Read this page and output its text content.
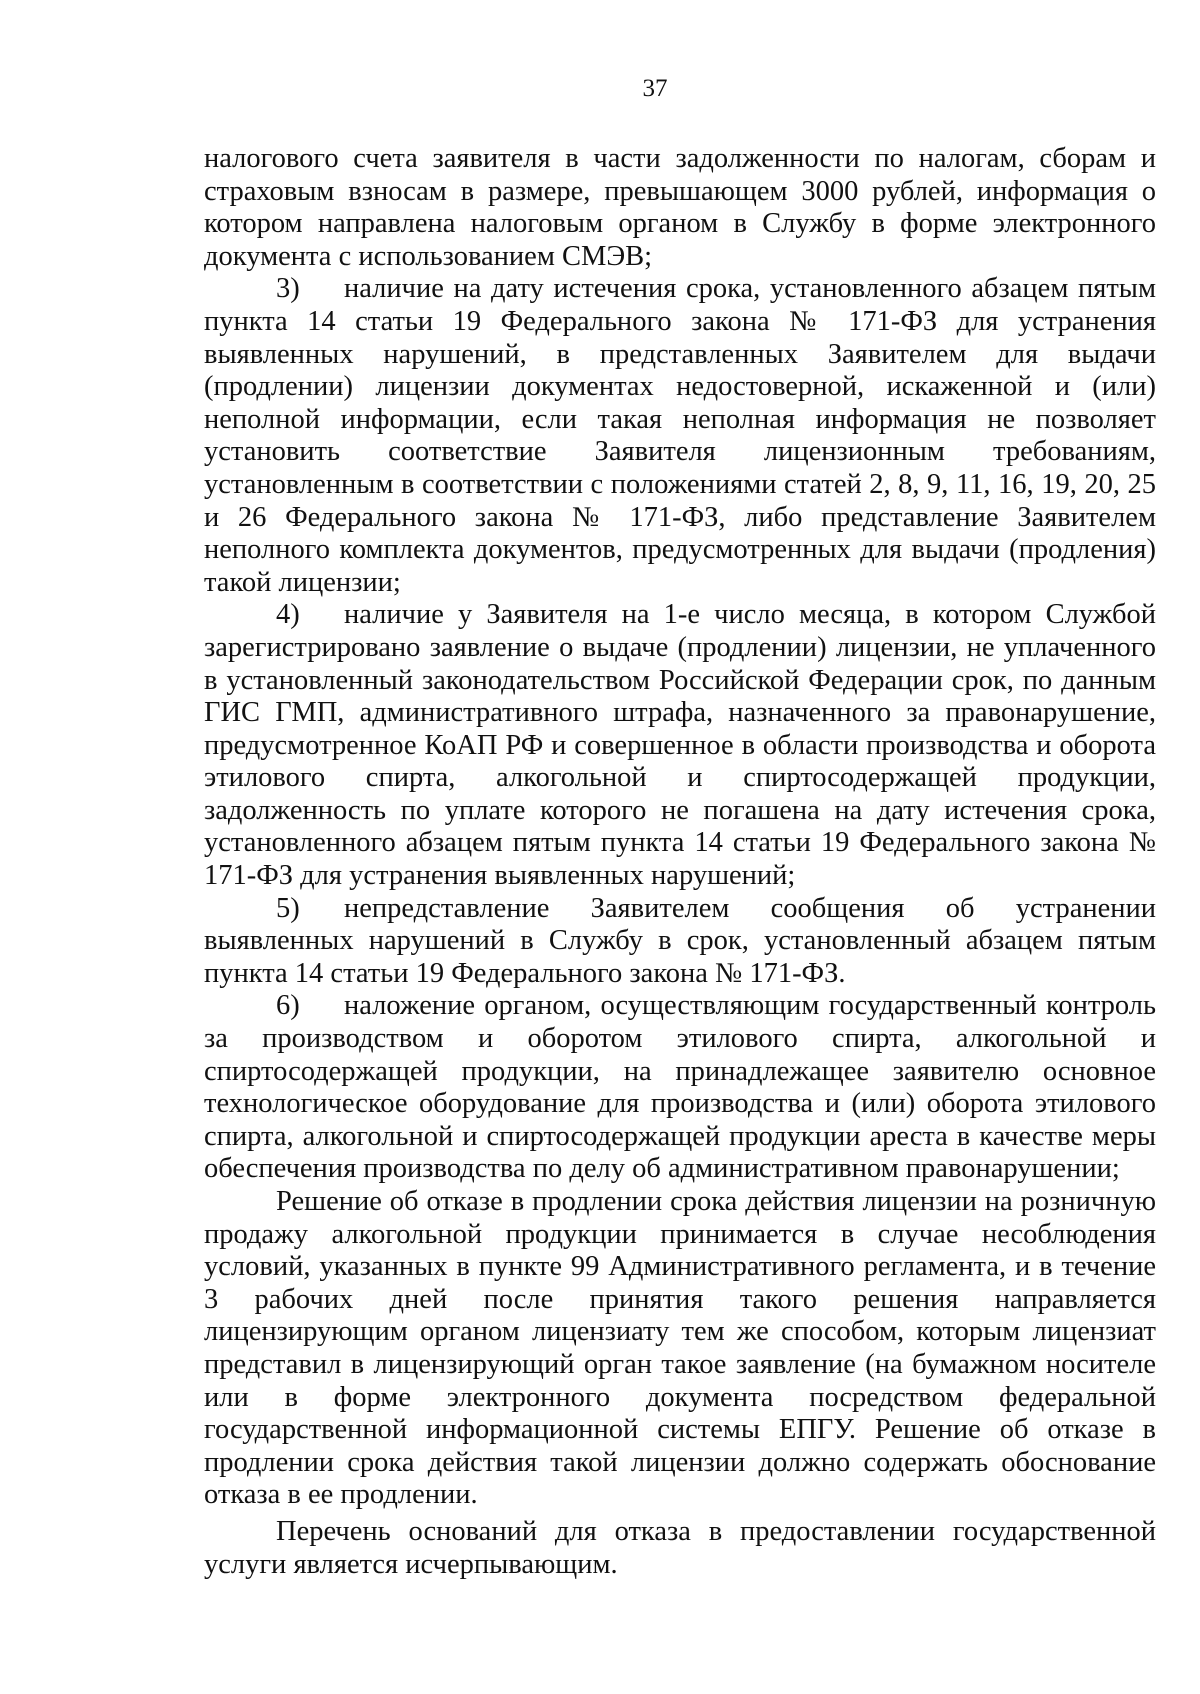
37

налогового счета заявителя в части задолженности по налогам, сборам и страховым взносам в размере, превышающем 3000 рублей, информация о котором направлена налоговым органом в Службу в форме электронного документа с использованием СМЭВ;

3) наличие на дату истечения срока, установленного абзацем пятым пункта 14 статьи 19 Федерального закона № 171-ФЗ для устранения выявленных нарушений, в представленных Заявителем для выдачи (продлении) лицензии документах недостоверной, искаженной и (или) неполной информации, если такая неполная информация не позволяет установить соответствие Заявителя лицензионным требованиям, установленным в соответствии с положениями статей 2, 8, 9, 11, 16, 19, 20, 25 и 26 Федерального закона № 171-ФЗ, либо представление Заявителем неполного комплекта документов, предусмотренных для выдачи (продления) такой лицензии;

4) наличие у Заявителя на 1-е число месяца, в котором Службой зарегистрировано заявление о выдаче (продлении) лицензии, не уплаченного в установленный законодательством Российской Федерации срок, по данным ГИС ГМП, административного штрафа, назначенного за правонарушение, предусмотренное КоАП РФ и совершенное в области производства и оборота этилового спирта, алкогольной и спиртосодержащей продукции, задолженность по уплате которого не погашена на дату истечения срока, установленного абзацем пятым пункта 14 статьи 19 Федерального закона № 171-ФЗ для устранения выявленных нарушений;

5) непредставление Заявителем сообщения об устранении выявленных нарушений в Службу в срок, установленный абзацем пятым пункта 14 статьи 19 Федерального закона № 171-ФЗ.

6) наложение органом, осуществляющим государственный контроль за производством и оборотом этилового спирта, алкогольной и спиртосодержащей продукции, на принадлежащее заявителю основное технологическое оборудование для производства и (или) оборота этилового спирта, алкогольной и спиртосодержащей продукции ареста в качестве меры обеспечения производства по делу об административном правонарушении;

Решение об отказе в продлении срока действия лицензии на розничную продажу алкогольной продукции принимается в случае несоблюдения условий, указанных в пункте 99 Административного регламента, и в течение 3 рабочих дней после принятия такого решения направляется лицензирующим органом лицензиату тем же способом, которым лицензиат представил в лицензирующий орган такое заявление (на бумажном носителе или в форме электронного документа посредством федеральной государственной информационной системы ЕПГУ. Решение об отказе в продлении срока действия такой лицензии должно содержать обоснование отказа в ее продлении.

Перечень оснований для отказа в предоставлении государственной услуги является исчерпывающим.
